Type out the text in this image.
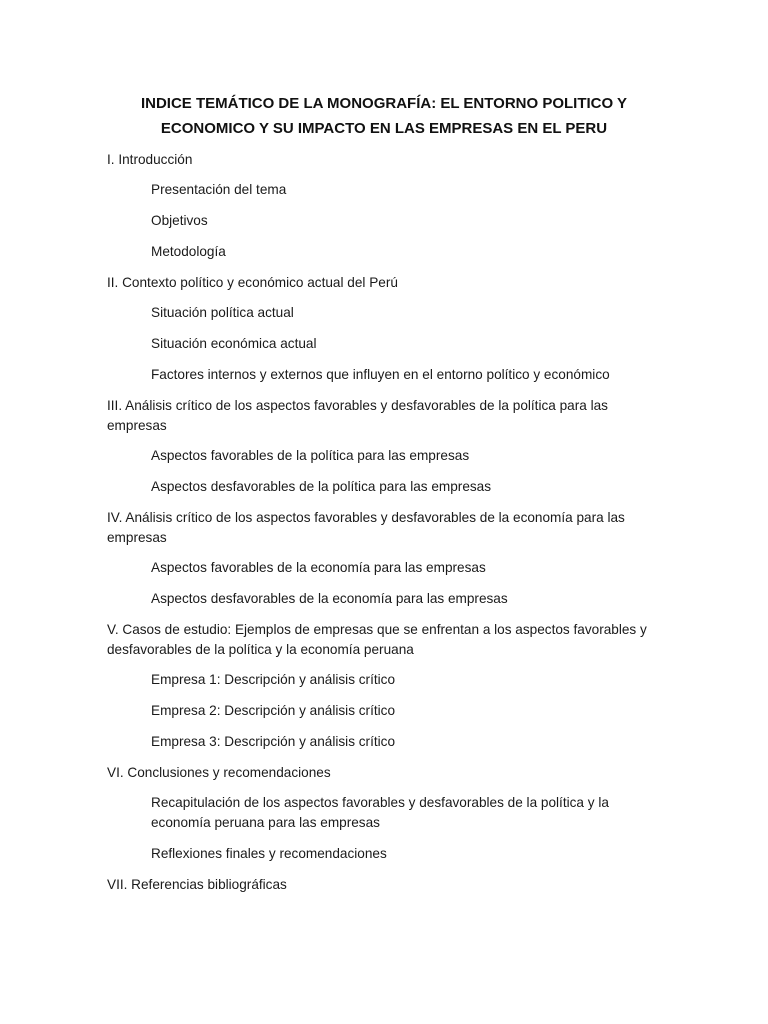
INDICE TEMÁTICO DE LA MONOGRAFÍA: EL ENTORNO POLITICO Y ECONOMICO Y SU IMPACTO EN LAS EMPRESAS EN EL PERU
I. Introducción
Presentación del tema
Objetivos
Metodología
II. Contexto político y económico actual del Perú
Situación política actual
Situación económica actual
Factores internos y externos que influyen en el entorno político y económico
III. Análisis crítico de los aspectos favorables y desfavorables de la política para las empresas
Aspectos favorables de la política para las empresas
Aspectos desfavorables de la política para las empresas
IV. Análisis crítico de los aspectos favorables y desfavorables de la economía para las empresas
Aspectos favorables de la economía para las empresas
Aspectos desfavorables de la economía para las empresas
V. Casos de estudio: Ejemplos de empresas que se enfrentan a los aspectos favorables y desfavorables de la política y la economía peruana
Empresa 1: Descripción y análisis crítico
Empresa 2: Descripción y análisis crítico
Empresa 3: Descripción y análisis crítico
VI. Conclusiones y recomendaciones
Recapitulación de los aspectos favorables y desfavorables de la política y la economía peruana para las empresas
Reflexiones finales y recomendaciones
VII. Referencias bibliográficas
